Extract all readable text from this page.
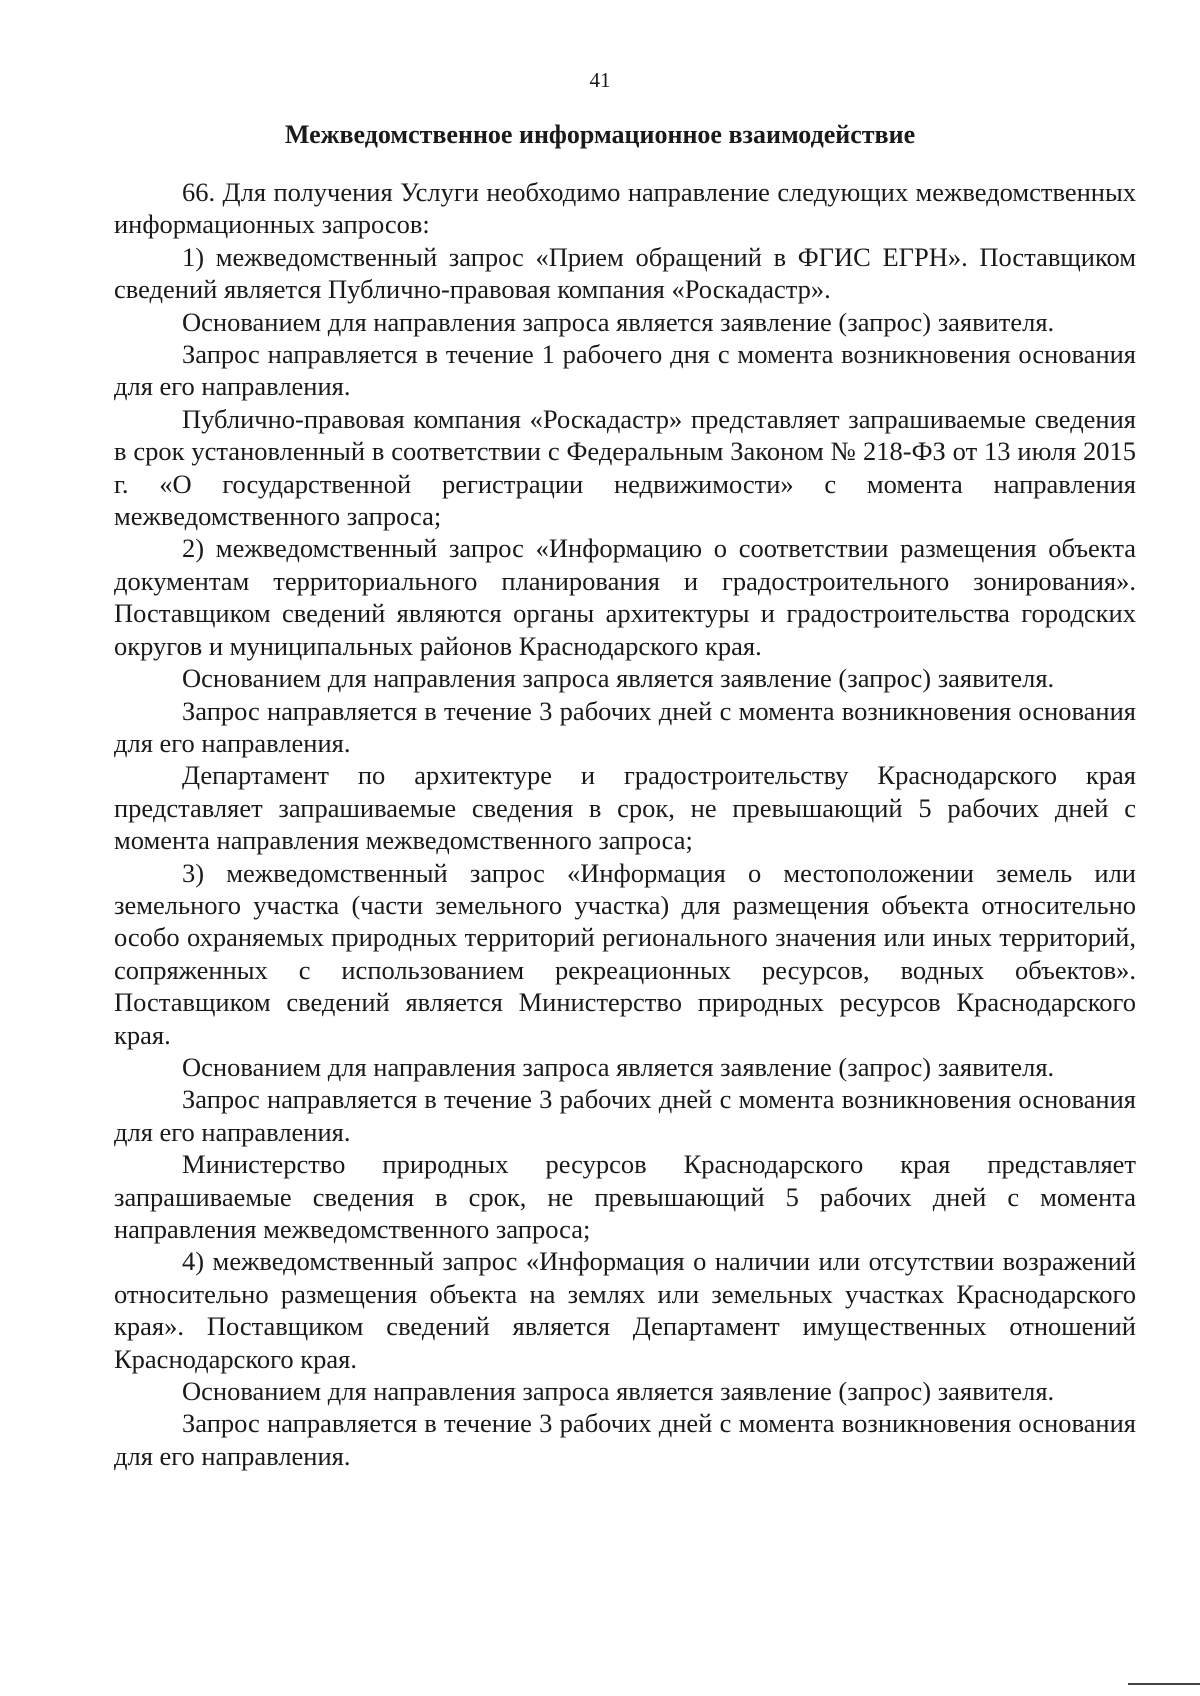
41
Межведомственное информационное взаимодействие

66. Для получения Услуги необходимо направление следующих межведомственных информационных запросов:

1) межведомственный запрос «Прием обращений в ФГИС ЕГРН». Поставщиком сведений является Публично-правовая компания «Роскадастр».

Основанием для направления запроса является заявление (запрос) заявителя.

Запрос направляется в течение 1 рабочего дня с момента возникновения основания для его направления.

Публично-правовая компания «Роскадастр» представляет запрашиваемые сведения в срок установленный в соответствии с Федеральным Законом № 218-ФЗ от 13 июля 2015 г. «О государственной регистрации недвижимости» с момента направления межведомственного запроса;

2) межведомственный запрос «Информацию о соответствии размещения объекта документам территориального планирования и градостроительного зонирования». Поставщиком сведений являются органы архитектуры и градостроительства городских округов и муниципальных районов Краснодарского края.

Основанием для направления запроса является заявление (запрос) заявителя.

Запрос направляется в течение 3 рабочих дней с момента возникновения основания для его направления.

Департамент по архитектуре и градостроительству Краснодарского края представляет запрашиваемые сведения в срок, не превышающий 5 рабочих дней с момента направления межведомственного запроса;

3) межведомственный запрос «Информация о местоположении земель или земельного участка (части земельного участка) для размещения объекта относительно особо охраняемых природных территорий регионального значения или иных территорий, сопряженных с использованием рекреационных ресурсов, водных объектов». Поставщиком сведений является Министерство природных ресурсов Краснодарского края.

Основанием для направления запроса является заявление (запрос) заявителя.

Запрос направляется в течение 3 рабочих дней с момента возникновения основания для его направления.

Министерство природных ресурсов Краснодарского края представляет запрашиваемые сведения в срок, не превышающий 5 рабочих дней с момента направления межведомственного запроса;

4) межведомственный запрос «Информация о наличии или отсутствии возражений относительно размещения объекта на землях или земельных участках Краснодарского края». Поставщиком сведений является Департамент имущественных отношений Краснодарского края.

Основанием для направления запроса является заявление (запрос) заявителя.

Запрос направляется в течение 3 рабочих дней с момента возникновения основания для его направления.
